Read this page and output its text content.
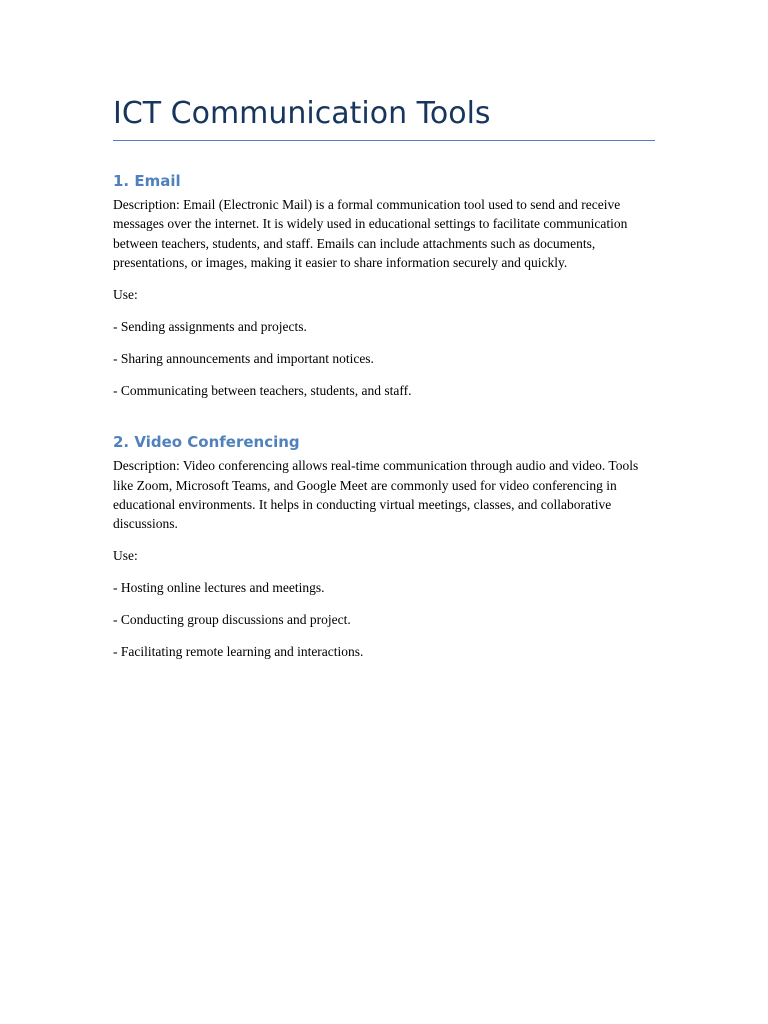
ICT Communication Tools
1. Email

Description: Email (Electronic Mail) is a formal communication tool used to send and receive messages over the internet. It is widely used in educational settings to facilitate communication between teachers, students, and staff. Emails can include attachments such as documents, presentations, or images, making it easier to share information securely and quickly.

Use:

- Sending assignments and projects.

- Sharing announcements and important notices.

- Communicating between teachers, students, and staff.

2. Video Conferencing

Description: Video conferencing allows real-time communication through audio and video. Tools like Zoom, Microsoft Teams, and Google Meet are commonly used for video conferencing in educational environments. It helps in conducting virtual meetings, classes, and collaborative discussions.

Use:

- Hosting online lectures and meetings.

- Conducting group discussions and project.

- Facilitating remote learning and interactions.
